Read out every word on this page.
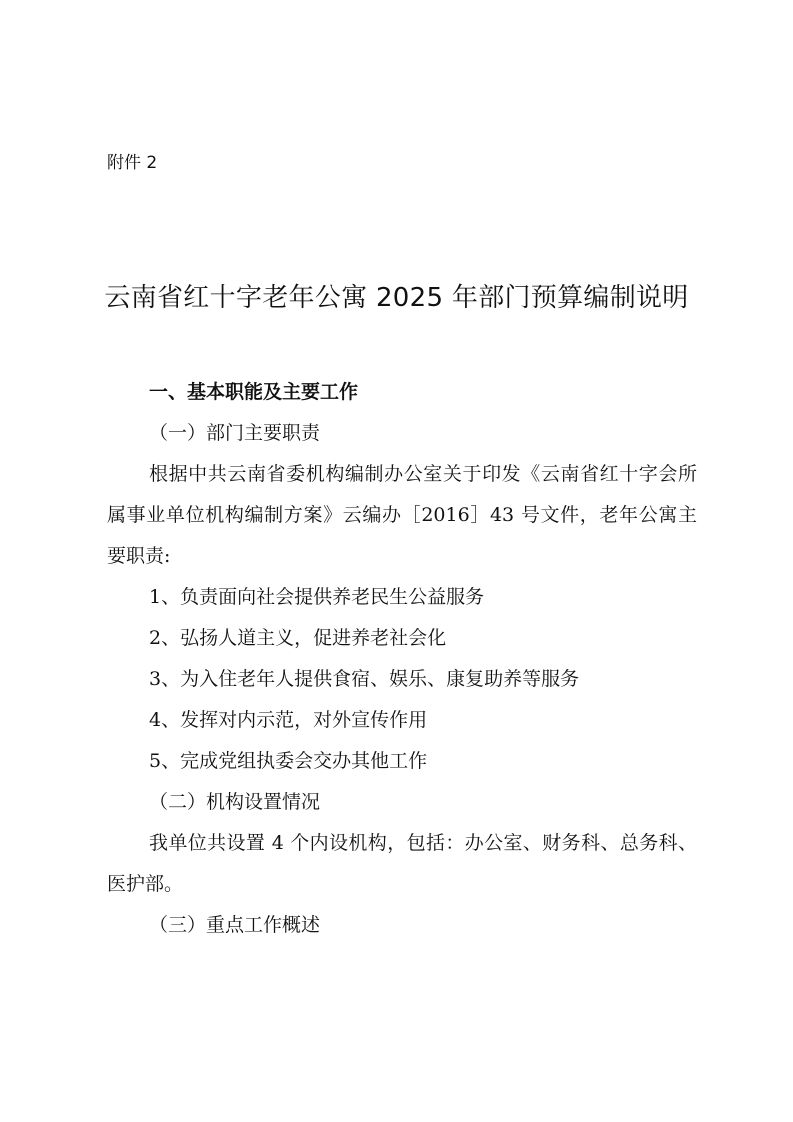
附件 2

云南省红十字老年公寓 2025 年部门预算编制说明

一、基本职能及主要工作

（一）部门主要职责

根据中共云南省委机构编制办公室关于印发《云南省红十字会所属事业单位机构编制方案》云编办［2016］43 号文件，老年公寓主要职责:

1、负责面向社会提供养老民生公益服务

2、弘扬人道主义，促进养老社会化

3、为入住老年人提供食宿、娱乐、康复助养等服务

4、发挥对内示范，对外宣传作用

5、完成党组执委会交办其他工作

（二）机构设置情况

我单位共设置 4 个内设机构，包括：办公室、财务科、总务科、医护部。

（三）重点工作概述
